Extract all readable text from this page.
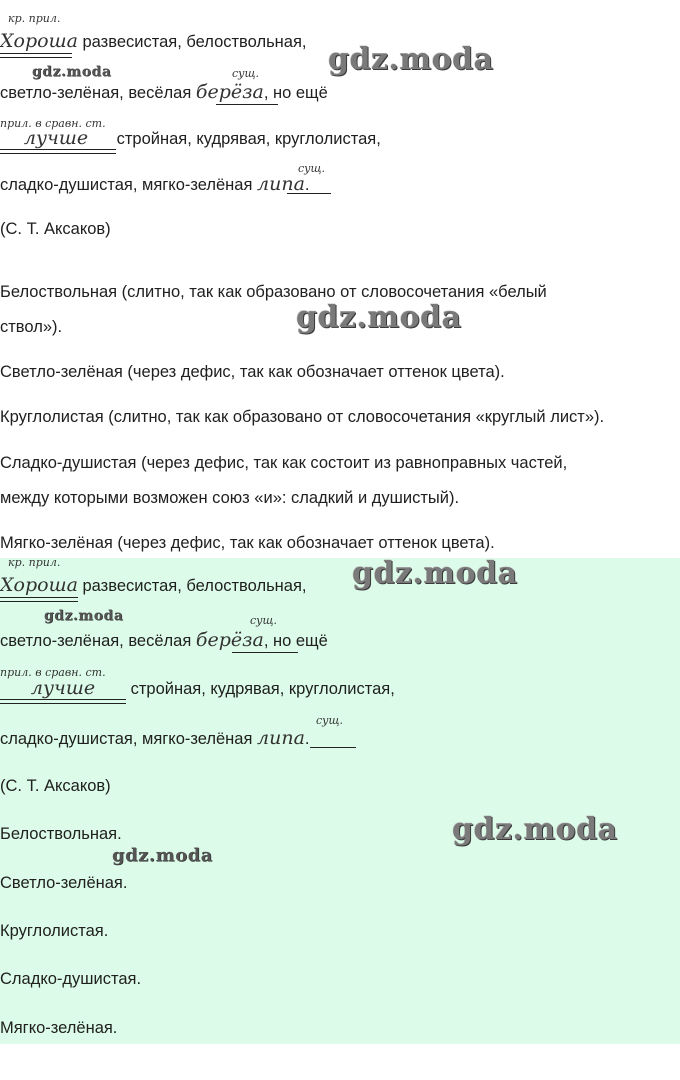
кр. прил.
Хороша развесистая, белоствольная,
сущ.
светло-зелёная, весёлая берёза, но ещё
прил. в сравн. ст.
лучше стройная, кудрявая, круглолистая,
сущ.
сладко-душистая, мягко-зелёная липа.
(С. Т. Аксаков)
Белоствольная (слитно, так как образовано от словосочетания «белый
ствол»).
Светло-зелёная (через дефис, так как обозначает оттенок цвета).
Круглолистая (слитно, так как образовано от словосочетания «круглый лист»).
Сладко-душистая (через дефис, так как состоит из равноправных частей,
между которыми возможен союз «и»: сладкий и душистый).
Мягко-зелёная (через дефис, так как обозначает оттенок цвета).
кр. прил.
Хороша развесистая, белоствольная,
сущ.
светло-зелёная, весёлая берёза, но ещё
прил. в сравн. ст.
лучше стройная, кудрявая, круглолистая,
сущ.
сладко-душистая, мягко-зелёная липа.
(С. Т. Аксаков)
Белоствольная.
Светло-зелёная.
Круглолистая.
Сладко-душистая.
Мягко-зелёная.
gdz.moda
gdz.moda
gdz.moda
gdz.moda
gdz.moda
gdz.moda
gdz.moda
